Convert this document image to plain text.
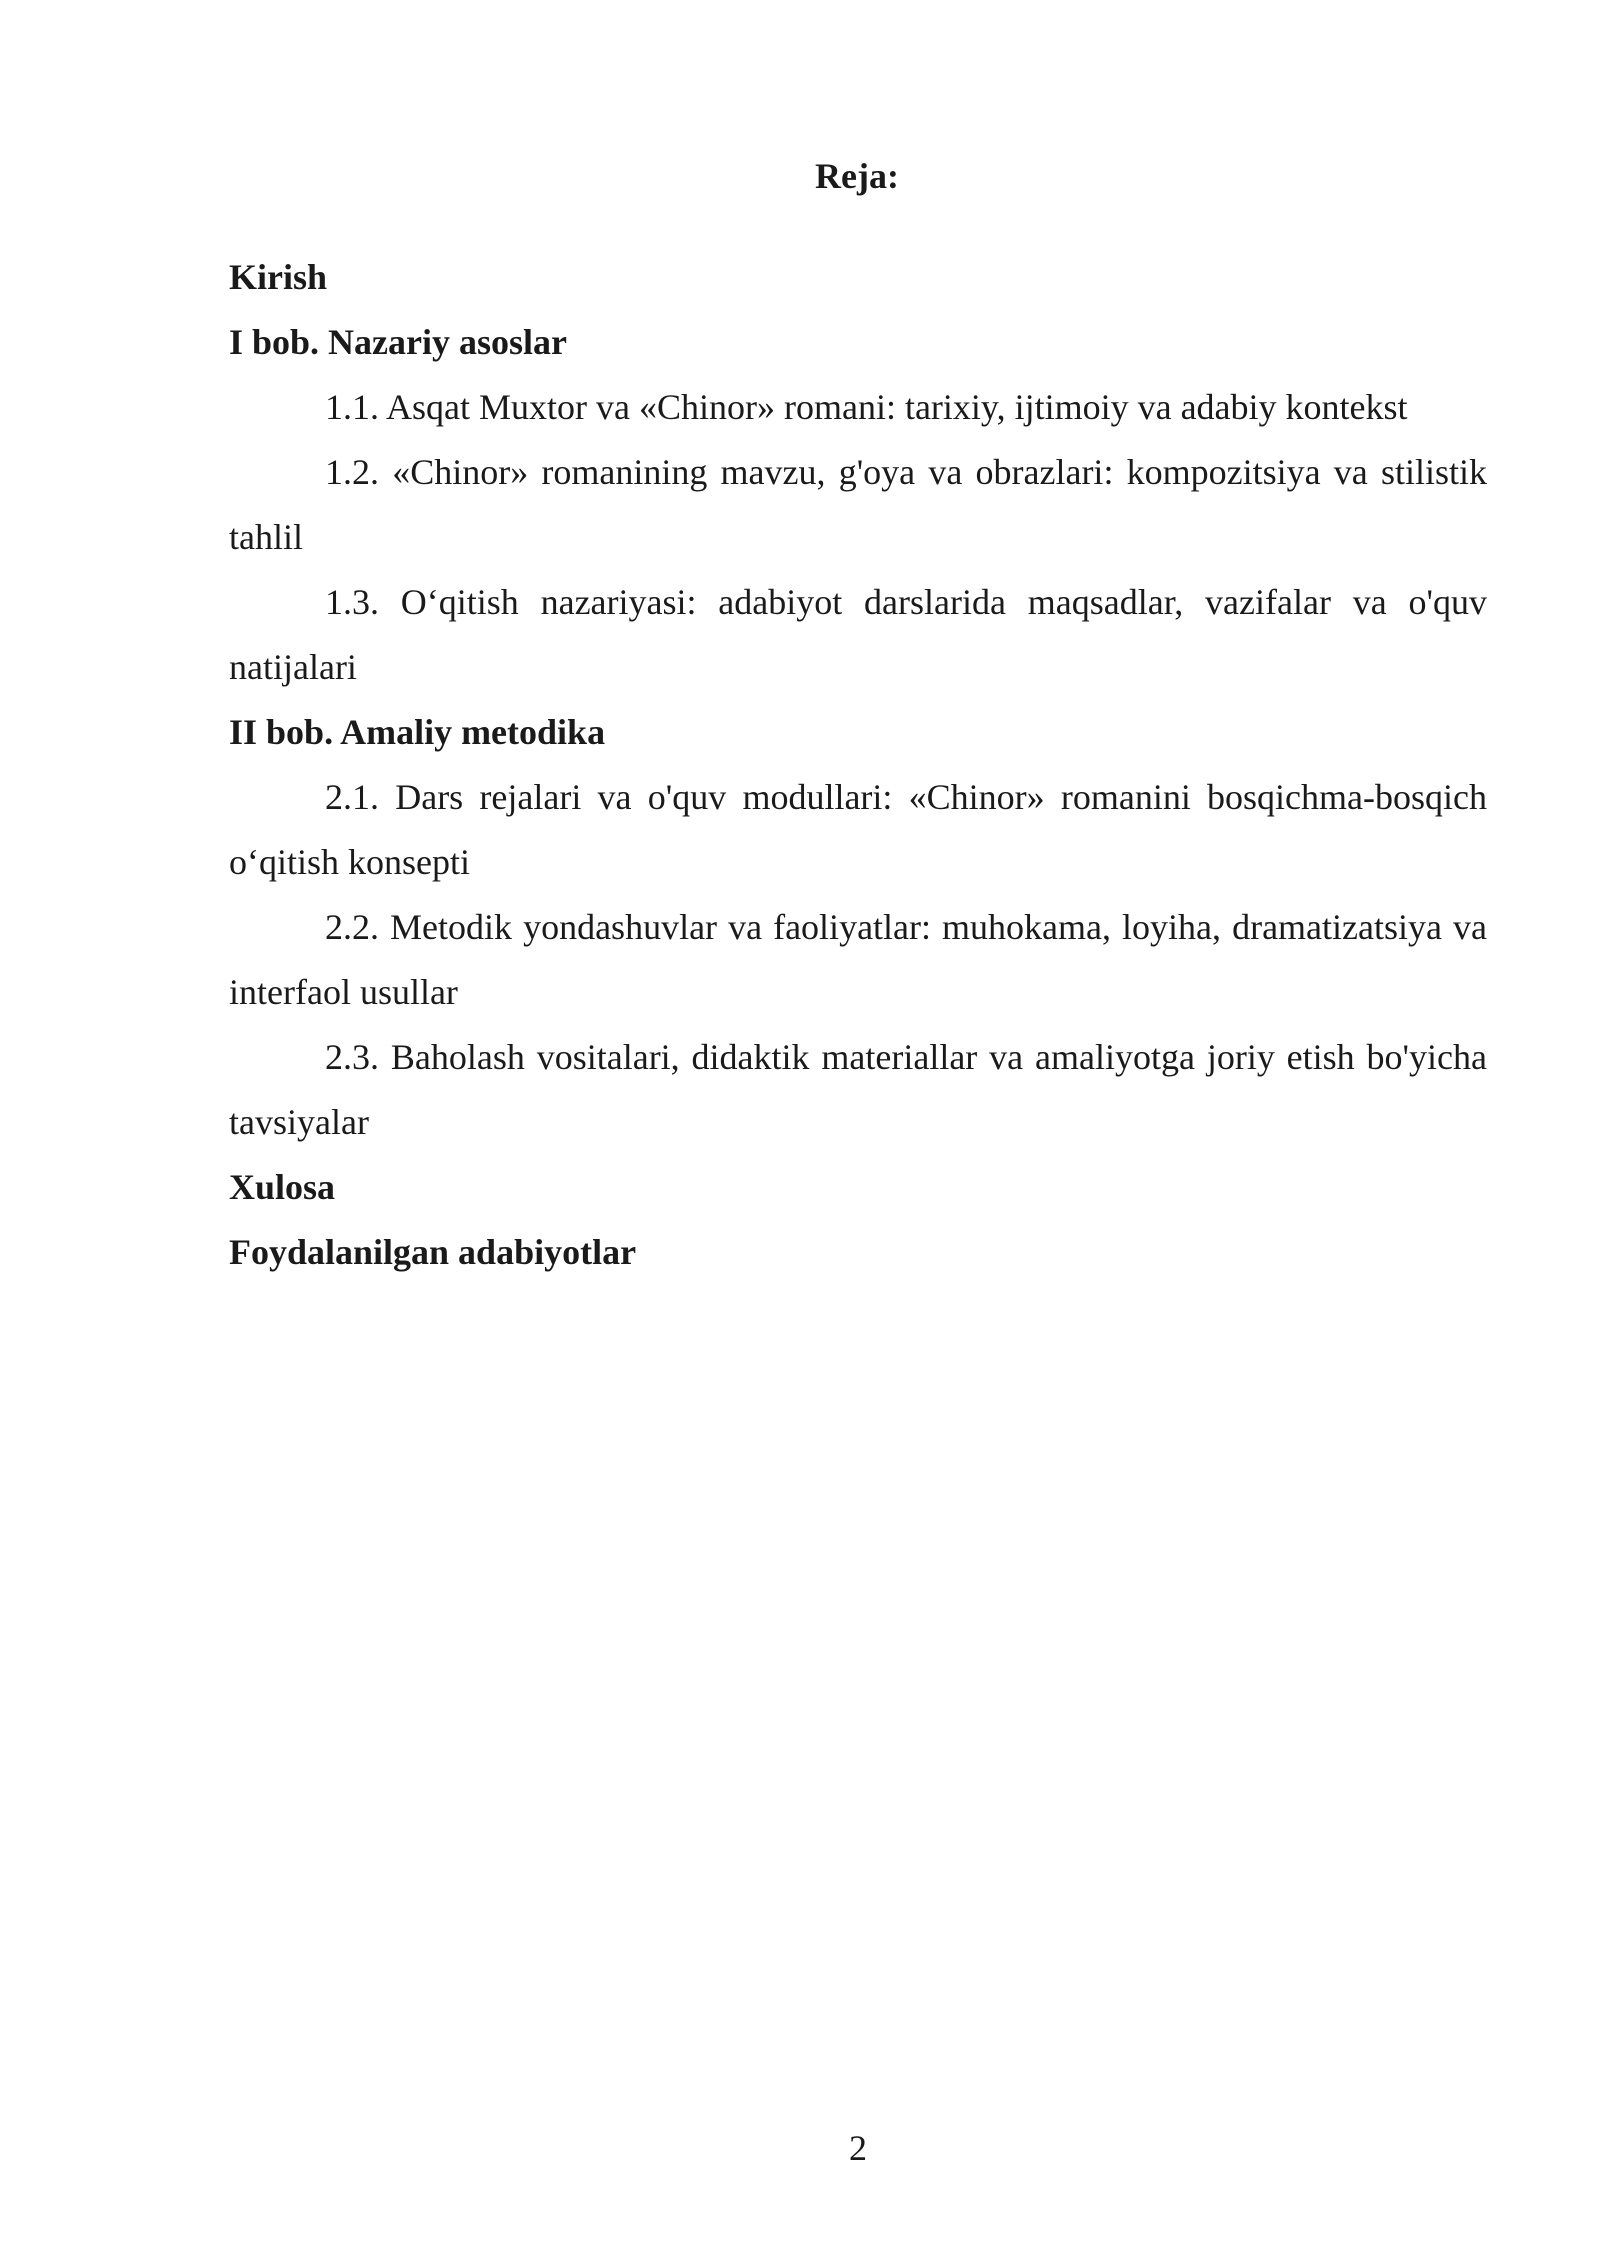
Reja:

Kirish

I bob. Nazariy asoslar

1.1. Asqat Muxtor va «Chinor» romani: tarixiy, ijtimoiy va adabiy kontekst

1.2. «Chinor» romanining mavzu, g'oya va obrazlari: kompozitsiya va stilistik tahlil

1.3. O‘qitish nazariyasi: adabiyot darslarida maqsadlar, vazifalar va o'quv natijalari

II bob. Amaliy metodika

2.1. Dars rejalari va o'quv modullari: «Chinor» romanini bosqichma-bosqich o‘qitish konsepti

2.2. Metodik yondashuvlar va faoliyatlar: muhokama, loyiha, dramatizatsiya va interfaol usullar

2.3. Baholash vositalari, didaktik materiallar va amaliyotga joriy etish bo'yicha tavsiyalar

Xulosa

Foydalanilgan adabiyotlar

2
